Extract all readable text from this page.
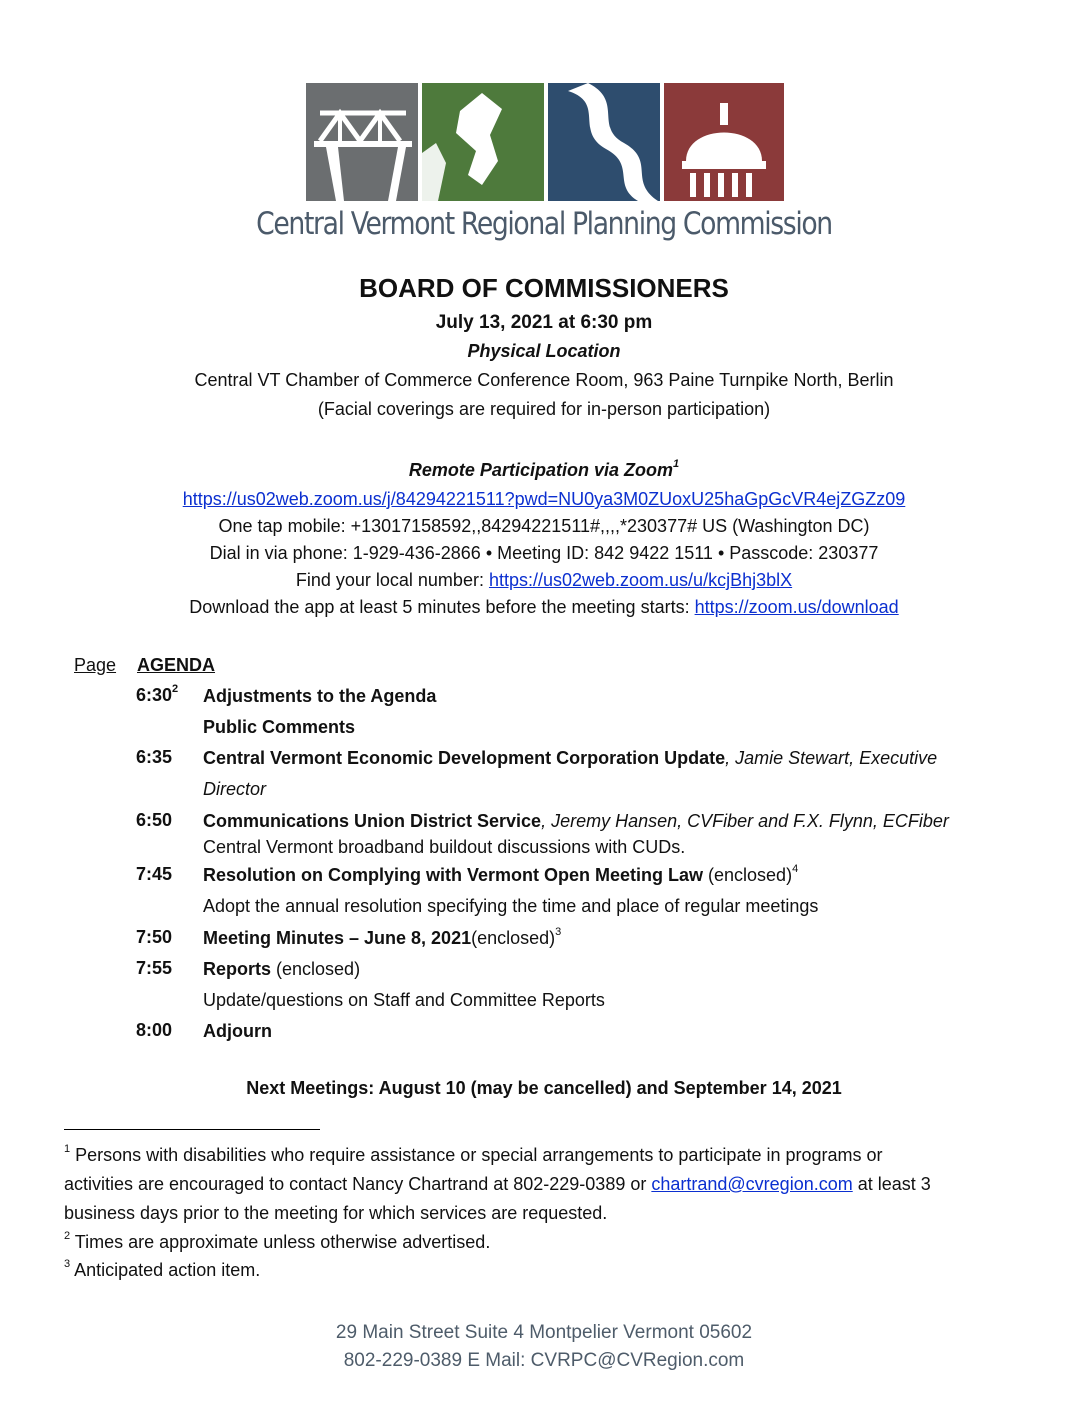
Central Vermont Regional Planning Commission
BOARD OF COMMISSIONERS
July 13, 2021 at 6:30 pm
Physical Location
Central VT Chamber of Commerce Conference Room, 963 Paine Turnpike North, Berlin
(Facial coverings are required for in-person participation)
Remote Participation via Zoom$^1$
https://us02web.zoom.us/j/84294221511?pwd=NU0ya3M0ZUoxU25haGpGcVR4ejZGZz09
One tap mobile: +13017158592,,84294221511#,,,,*230377# US (Washington DC)
Dial in via phone: 1-929-436-2866 • Meeting ID: 842 9422 1511 • Passcode: 230377
Find your local number: https://us02web.zoom.us/u/kcjBhj3blX
Download the app at least 5 minutes before the meeting starts: https://zoom.us/download
Page AGENDA
$6:30^2$	Adjustments to the Agenda
Public Comments
6:35	Central Vermont Economic Development Corporation Update, Jamie Stewart, Executive
Director
6:50	Communications Union District Service, Jeremy Hansen, CVFiber and F.X. Flynn, ECFiber
Central Vermont broadband buildout discussions with CUDs.
7:45	Resolution on Complying with Vermont Open Meeting Law (enclosed)$^4$
Adopt the annual resolution specifying the time and place of regular meetings
7:50	Meeting Minutes – June 8, 2021(enclosed)$^3$
7:55	Reports (enclosed)
Update/questions on Staff and Committee Reports
8:00	Adjourn
Next Meetings: August 10 (may be cancelled) and September 14, 2021
$^1$ Persons with disabilities who require assistance or special arrangements to participate in programs or
activities are encouraged to contact Nancy Chartrand at 802-229-0389 or chartrand@cvregion.com at least 3
business days prior to the meeting for which services are requested.
$^2$ Times are approximate unless otherwise advertised.
$^3$ Anticipated action item.
29 Main Street Suite 4 Montpelier Vermont 05602
802-229-0389 E Mail: CVRPC@CVRegion.com
